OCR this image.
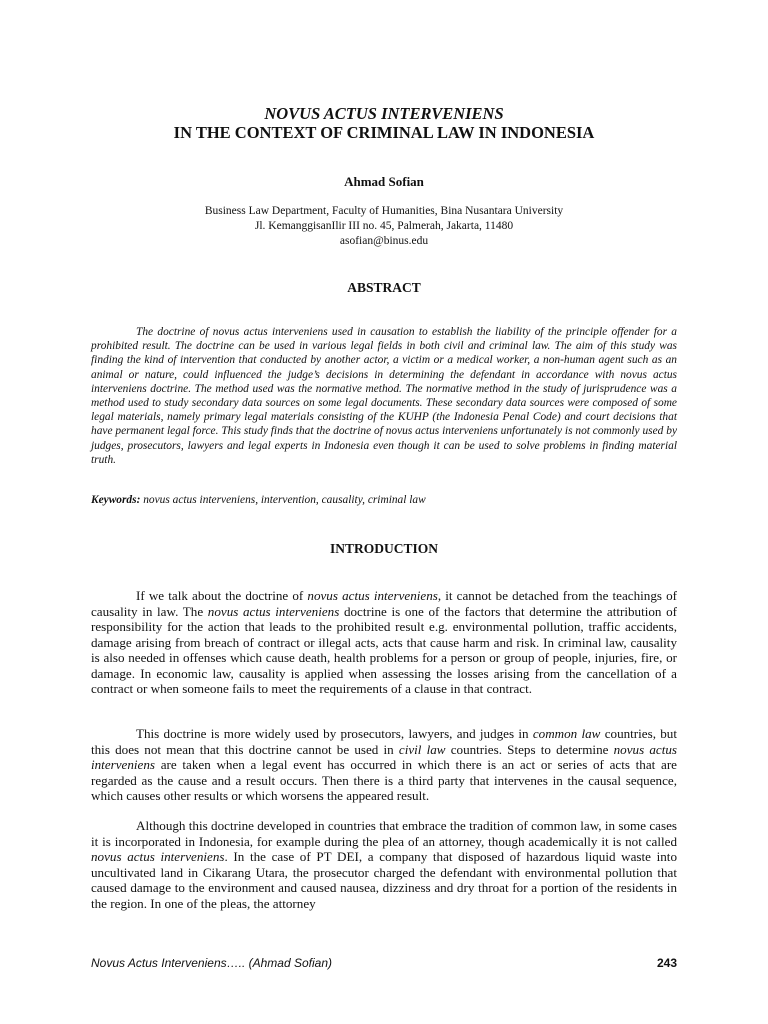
NOVUS ACTUS INTERVENIENS
IN THE CONTEXT OF CRIMINAL LAW IN INDONESIA
Ahmad Sofian
Business Law Department, Faculty of Humanities, Bina Nusantara University
Jl. KemanggisanIlir III no. 45, Palmerah, Jakarta, 11480
asofian@binus.edu
ABSTRACT

The doctrine of novus actus interveniens used in causation to establish the liability of the principle offender for a prohibited result. The doctrine can be used in various legal fields in both civil and criminal law. The aim of this study was finding the kind of intervention that conducted by another actor, a victim or a medical worker, a non-human agent such as an animal or nature, could influenced the judge’s decisions in determining the defendant in accordance with novus actus interveniens doctrine. The method used was the normative method. The normative method in the study of jurisprudence was a method used to study secondary data sources on some legal documents. These secondary data sources were composed of some legal materials, namely primary legal materials consisting of the KUHP (the Indonesia Penal Code) and court decisions that have permanent legal force. This study finds that the doctrine of novus actus interveniens unfortunately is not commonly used by judges, prosecutors, lawyers and legal experts in Indonesia even though it can be used to solve problems in finding material truth.

Keywords: novus actus interveniens, intervention, causality, criminal law

INTRODUCTION

If we talk about the doctrine of novus actus interveniens, it cannot be detached from the teachings of causality in law. The novus actus interveniens doctrine is one of the factors that determine the attribution of responsibility for the action that leads to the prohibited result e.g. environmental pollution, traffic accidents, damage arising from breach of contract or illegal acts, acts that cause harm and risk. In criminal law, causality is also needed in offenses which cause death, health problems for a person or group of people, injuries, fire, or damage. In economic law, causality is applied when assessing the losses arising from the cancellation of a contract or when someone fails to meet the requirements of a clause in that contract.

This doctrine is more widely used by prosecutors, lawyers, and judges in common law countries, but this does not mean that this doctrine cannot be used in civil law countries. Steps to determine novus actus interveniens are taken when a legal event has occurred in which there is an act or series of acts that are regarded as the cause and a result occurs. Then there is a third party that intervenes in the causal sequence, which causes other results or which worsens the appeared result.

Although this doctrine developed in countries that embrace the tradition of common law, in some cases it is incorporated in Indonesia, for example during the plea of an attorney, though academically it is not called novus actus interveniens. In the case of PT DEI, a company that disposed of hazardous liquid waste into uncultivated land in Cikarang Utara, the prosecutor charged the defendant with environmental pollution that caused damage to the environment and caused nausea, dizziness and dry throat for a portion of the residents in the region. In one of the pleas, the attorney

Novus Actus Interveniens….. (Ahmad Sofian)	243
